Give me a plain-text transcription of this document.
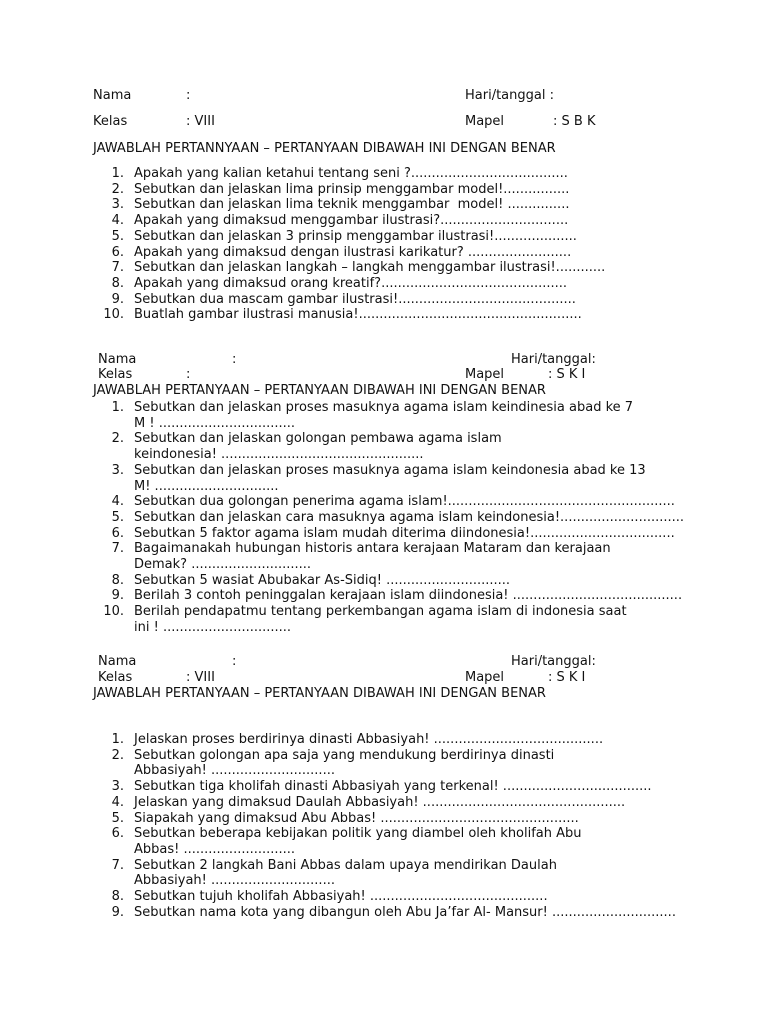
Nama	:	Hari/tanggal :
Kelas	: VIII	Mapel	: S B K
JAWABLAH PERTANNYAAN – PERTANYAAN DIBAWAH INI DENGAN BENAR
1. Apakah yang kalian ketahui tentang seni ?......................................
2. Sebutkan dan jelaskan lima prinsip menggambar model!................
3. Sebutkan dan jelaskan lima teknik menggambar  model! ...............
4. Apakah yang dimaksud menggambar ilustrasi?...............................
5. Sebutkan dan jelaskan 3 prinsip menggambar ilustrasi!....................
6. Apakah yang dimaksud dengan ilustrasi karikatur? .........................
7. Sebutkan dan jelaskan langkah – langkah menggambar ilustrasi!............
8. Apakah yang dimaksud orang kreatif?.............................................
9. Sebutkan dua mascam gambar ilustrasi!...........................................
10. Buatlah gambar ilustrasi manusia!......................................................
Nama	:	Hari/tanggal:
Kelas	:	Mapel	: S K I
JAWABLAH PERTANYAAN – PERTANYAAN DIBAWAH INI DENGAN BENAR
1. Sebutkan dan jelaskan proses masuknya agama islam keindinesia abad ke 7
M ! .................................
2. Sebutkan dan jelaskan golongan pembawa agama islam
keindonesia! .................................................
3. Sebutkan dan jelaskan proses masuknya agama islam keindonesia abad ke 13
M! ..............................
4. Sebutkan dua golongan penerima agama islam!.......................................................
5. Sebutkan dan jelaskan cara masuknya agama islam keindonesia!..............................
6. Sebutkan 5 faktor agama islam mudah diterima diindonesia!...................................
7. Bagaimanakah hubungan historis antara kerajaan Mataram dan kerajaan
Demak? .............................
8. Sebutkan 5 wasiat Abubakar As-Sidiq! ..............................
9. Berilah 3 contoh peninggalan kerajaan islam diindonesia! .........................................
10. Berilah pendapatmu tentang perkembangan agama islam di indonesia saat
ini ! ...............................
Nama	:	Hari/tanggal:
Kelas	: VIII	Mapel	: S K I
JAWABLAH PERTANYAAN – PERTANYAAN DIBAWAH INI DENGAN BENAR
1. Jelaskan proses berdirinya dinasti Abbasiyah! .........................................
2. Sebutkan golongan apa saja yang mendukung berdirinya dinasti
Abbasiyah! ..............................
3. Sebutkan tiga kholifah dinasti Abbasiyah yang terkenal! ....................................
4. Jelaskan yang dimaksud Daulah Abbasiyah! .................................................
5. Siapakah yang dimaksud Abu Abbas! ................................................
6. Sebutkan beberapa kebijakan politik yang diambel oleh kholifah Abu
Abbas! ...........................
7. Sebutkan 2 langkah Bani Abbas dalam upaya mendirikan Daulah
Abbasiyah! ..............................
8. Sebutkan tujuh kholifah Abbasiyah! ...........................................
9. Sebutkan nama kota yang dibangun oleh Abu Ja’far Al- Mansur! ..............................
